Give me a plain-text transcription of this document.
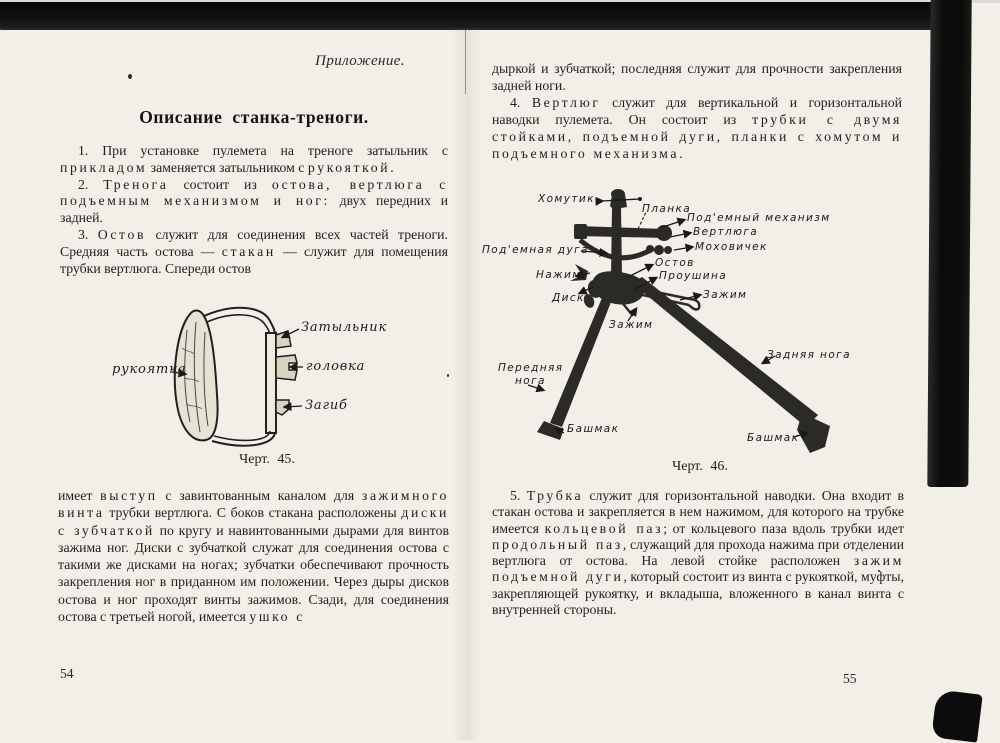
Приложение.
Описание станка-треноги.

1. При установке пулемета на треноге затыльник с прикладом заменяется затыльником с рукояткой.

2. Тренога состоит из остова, вертлюга с подъемным механизмом и ног: двух передних и задней.

3. Остов служит для соединения всех частей треноги. Средняя часть остова — стакан — служит для помещения трубки вертлюга. Спереди остов

рукоятка
Затыльник
головка
Загиб
Черт. 45.

имеет выступ с завинтованным каналом для зажимного винта трубки вертлюга. С боков стакана расположены диски с зубчаткой по кругу и навинтованными дырами для винтов зажима ног. Диски с зубчаткой служат для соединения остова с такими же дисками на ногах; зубчатки обеспечивают прочность закрепления ног в приданном им положении. Через дыры дисков остова и ног проходят винты зажимов. Сзади, для соединения остова с третьей ногой, имеется ушко с

54

дыркой и зубчаткой; последняя служит для прочности закрепления задней ноги.

4. Вертлюг служит для вертикальной и горизонтальной наводки пулемета. Он состоит из трубки с двумя стойками, подъемной дуги, планки с хомутом и подъемного механизма.

Хомутик
Планка
Под'емный механизм
Вертлюга
Моховичек
Под'емная дуга
Нажим
Остов
Проушина
Диск	Зажим
Зажим
Передняя
нога
Башмак
Задняя нога
Башмак
Черт. 46.

5. Трубка служит для горизонтальной наводки. Она входит в стакан остова и закрепляется в нем нажимом, для которого на трубке имеется кольцевой паз; от кольцевого паза вдоль трубки идет продольный паз, служащий для прохода нажима при отделении вертлюга от остова. На левой стойке расположен зажим подъемной дуги, который состоит из винта с рукояткой, муфты, закрепляющей рукоятку, и вкладыша, вложенного в канал винта с внутренней стороны.

55
